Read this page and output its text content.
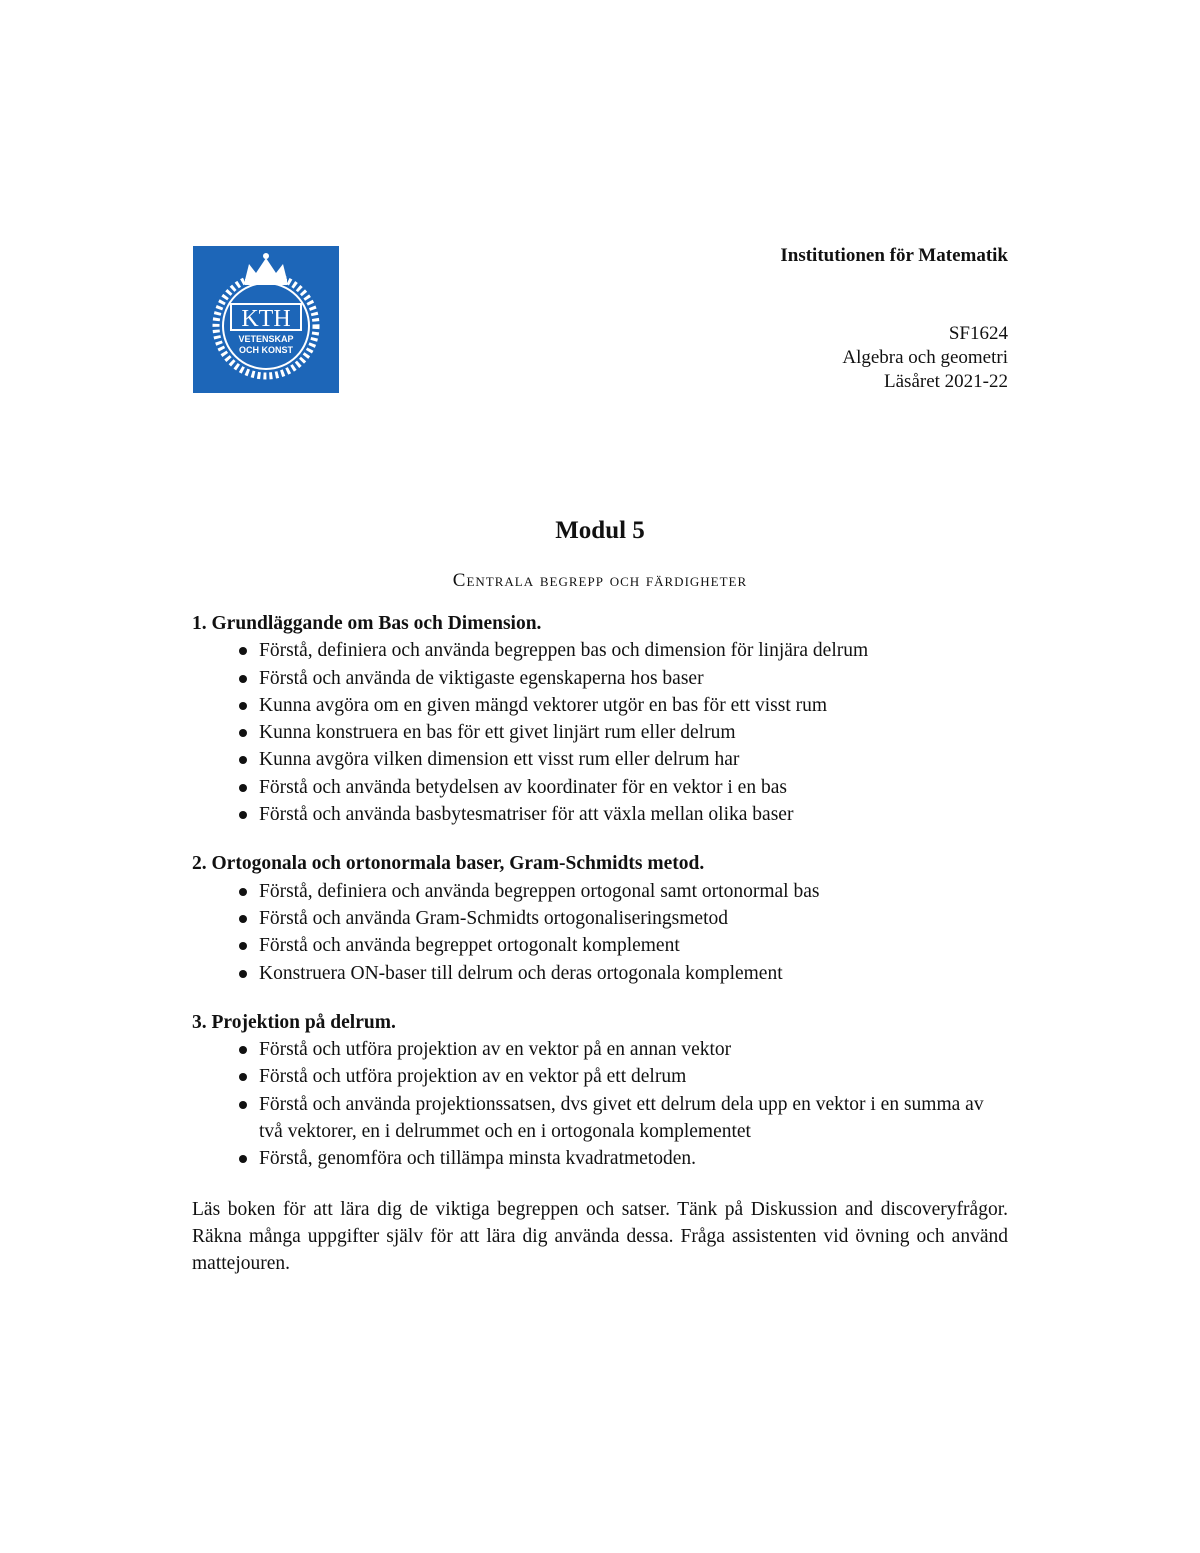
KTH
VETENSKAP
OCH KONST
Institutionen för Matematik
SF1624
Algebra och geometri
Läsåret 2021-22
Modul 5
Centrala begrepp och färdigheter

1. Grundläggande om Bas och Dimension.

Förstå, definiera och använda begreppen bas och dimension för linjära delrum
Förstå och använda de viktigaste egenskaperna hos baser
Kunna avgöra om en given mängd vektorer utgör en bas för ett visst rum
Kunna konstruera en bas för ett givet linjärt rum eller delrum
Kunna avgöra vilken dimension ett visst rum eller delrum har
Förstå och använda betydelsen av koordinater för en vektor i en bas
Förstå och använda basbytesmatriser för att växla mellan olika baser

2. Ortogonala och ortonormala baser, Gram-Schmidts metod.

Förstå, definiera och använda begreppen ortogonal samt ortonormal bas
Förstå och använda Gram-Schmidts ortogonaliseringsmetod
Förstå och använda begreppet ortogonalt komplement
Konstruera ON-baser till delrum och deras ortogonala komplement

3. Projektion på delrum.

Förstå och utföra projektion av en vektor på en annan vektor
Förstå och utföra projektion av en vektor på ett delrum
Förstå och använda projektionssatsen, dvs givet ett delrum dela upp en vektor i en summa av två vektorer, en i delrummet och en i ortogonala komplementet
Förstå, genomföra och tillämpa minsta kvadratmetoden.

Läs boken för att lära dig de viktiga begreppen och satser. Tänk på Diskussion and discoveryfrågor. Räkna många uppgifter själv för att lära dig använda dessa. Fråga assistenten vid övning och använd mattejouren.
